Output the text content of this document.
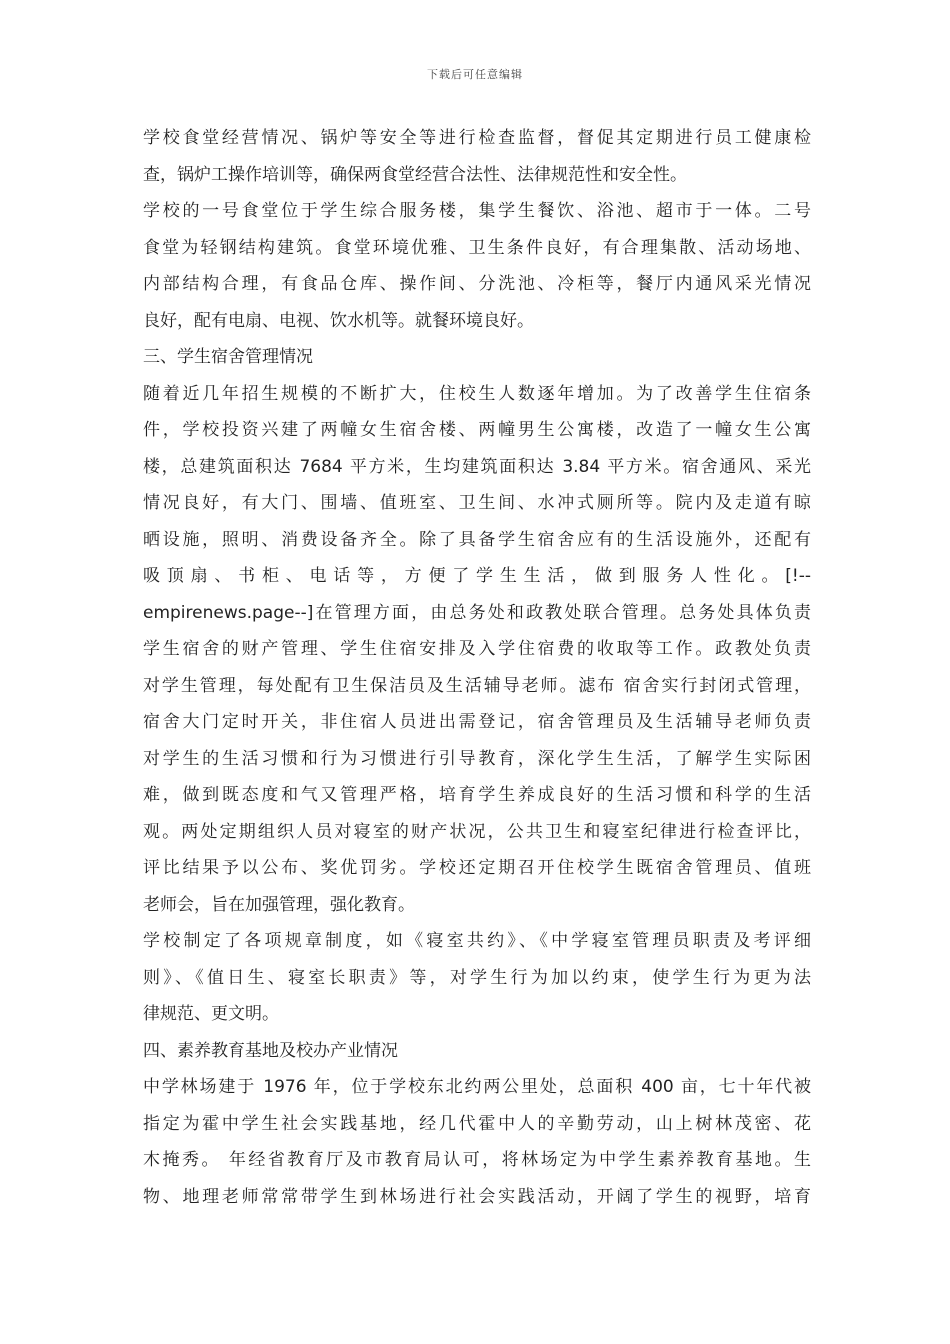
下载后可任意编辑
学校食堂经营情况、锅炉等安全等进行检查监督，督促其定期进行员工健康检
查，锅炉工操作培训等，确保两食堂经营合法性、法律规范性和安全性。
学校的一号食堂位于学生综合服务楼，集学生餐饮、浴池、超市于一体。二号
食堂为轻钢结构建筑。食堂环境优雅、卫生条件良好，有合理集散、活动场地、
内部结构合理，有食品仓库、操作间、分洗池、冷柜等，餐厅内通风采光情况
良好，配有电扇、电视、饮水机等。就餐环境良好。
三、学生宿舍管理情况
随着近几年招生规模的不断扩大，住校生人数逐年增加。为了改善学生住宿条
件，学校投资兴建了两幢女生宿舍楼、两幢男生公寓楼，改造了一幢女生公寓
楼，总建筑面积达 7684 平方米，生均建筑面积达 3.84 平方米。宿舍通风、采光
情况良好，有大门、围墙、值班室、卫生间、水冲式厕所等。院内及走道有晾
晒设施，照明、消费设备齐全。除了具备学生宿舍应有的生活设施外，还配有
吸 顶 扇 、 书 柜 、 电 话 等 ， 方 便 了 学 生 生 活 ， 做 到 服 务 人 性 化 。 [!--
empirenews.page--]在管理方面，由总务处和政教处联合管理。总务处具体负责
学生宿舍的财产管理、学生住宿安排及入学住宿费的收取等工作。政教处负责
对学生管理，每处配有卫生保洁员及生活辅导老师。滤布 宿舍实行封闭式管理，
宿舍大门定时开关，非住宿人员进出需登记，宿舍管理员及生活辅导老师负责
对学生的生活习惯和行为习惯进行引导教育，深化学生生活，了解学生实际困
难，做到既态度和气又管理严格，培育学生养成良好的生活习惯和科学的生活
观。两处定期组织人员对寝室的财产状况，公共卫生和寝室纪律进行检查评比，
评比结果予以公布、奖优罚劣。学校还定期召开住校学生既宿舍管理员、值班
老师会，旨在加强管理，强化教育。
学校制定了各项规章制度，如《寝室共约》、《中学寝室管理员职责及考评细
则》、《值日生、寝室长职责》等，对学生行为加以约束，使学生行为更为法
律规范、更文明。
四、素养教育基地及校办产业情况
中学林场建于 1976 年，位于学校东北约两公里处，总面积 400 亩，七十年代被
指定为霍中学生社会实践基地，经几代霍中人的辛勤劳动，山上树林茂密、花
木掩秀。 年经省教育厅及市教育局认可，将林场定为中学生素养教育基地。生
物、地理老师常常带学生到林场进行社会实践活动，开阔了学生的视野，培育
